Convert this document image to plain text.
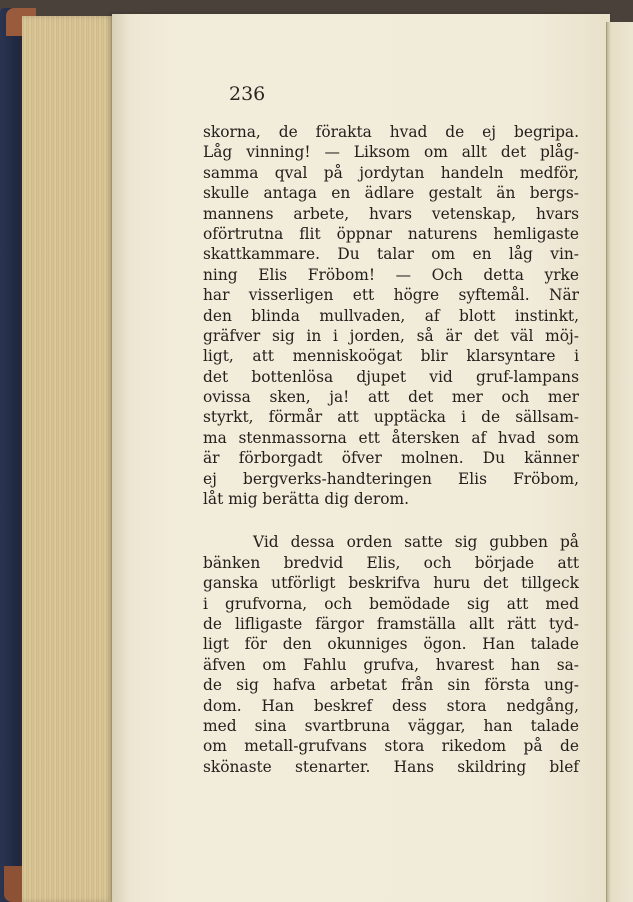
236

skorna, de förakta hvad de ej begripa.
Låg vinning! — Liksom om allt det plåg-
samma qval på jordytan handeln medför,
skulle antaga en ädlare gestalt än bergs-
mannens arbete, hvars vetenskap, hvars
oförtrutna flit öppnar naturens hemligaste
skattkammare. Du talar om en låg vin-
ning Elis Fröbom! — Och detta yrke
har visserligen ett högre syftemål. När
den blinda mullvaden, af blott instinkt,
gräfver sig in i jorden, så är det väl möj-
ligt, att menniskoögat blir klarsyntare i
det bottenlösa djupet vid gruf-lampans
ovissa sken, ja! att det mer och mer
styrkt, förmår att upptäcka i de sällsam-
ma stenmassorna ett återsken af hvad som
är förborgadt öfver molnen. Du känner
ej bergverks-handteringen Elis Fröbom,
låt mig berätta dig derom.
Vid dessa orden satte sig gubben på
bänken bredvid Elis, och började att
ganska utförligt beskrifva huru det tillgeck
i grufvorna, och bemödade sig att med
de lifligaste färgor framställa allt rätt tyd-
ligt för den okunniges ögon. Han talade
äfven om Fahlu grufva, hvarest han sa-
de sig hafva arbetat från sin första ung-
dom. Han beskref dess stora nedgång,
med sina svartbruna väggar, han talade
om metall-grufvans stora rikedom på de
skönaste stenarter. Hans skildring blef
